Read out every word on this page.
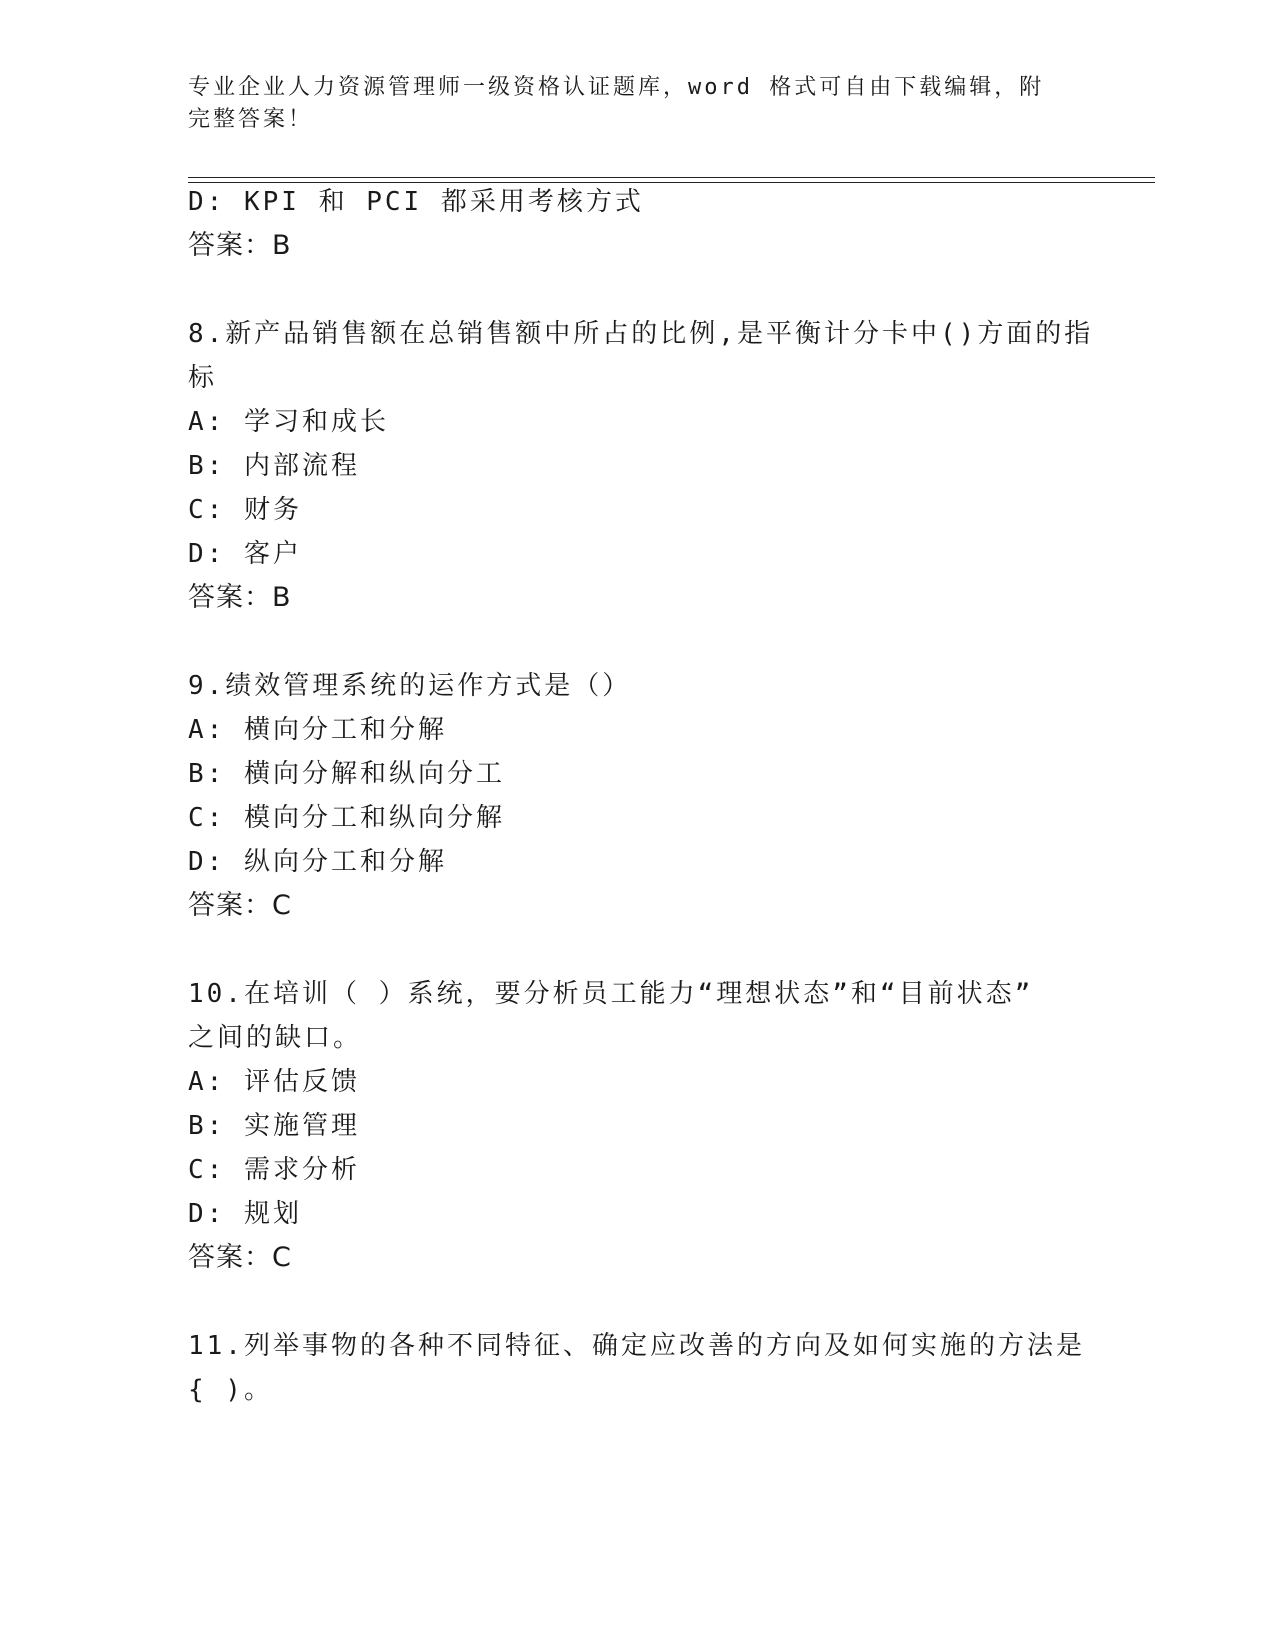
专业企业人力资源管理师一级资格认证题库，word 格式可自由下载编辑，附完整答案！
D: KPI 和 PCI 都采用考核方式
答案：B
8.新产品销售额在总销售额中所占的比例,是平衡计分卡中()方面的指
标
A: 学习和成长
B: 内部流程
C: 财务
D: 客户
答案：B
9.绩效管理系统的运作方式是（）
A: 横向分工和分解
B: 横向分解和纵向分工
C: 模向分工和纵向分解
D: 纵向分工和分解
答案：C
10.在培训（ ）系统，要分析员工能力“理想状态”和“目前状态”
之间的缺口。
A: 评估反馈
B: 实施管理
C: 需求分析
D: 规划
答案：C
11.列举事物的各种不同特征、确定应改善的方向及如何实施的方法是
{ )。
